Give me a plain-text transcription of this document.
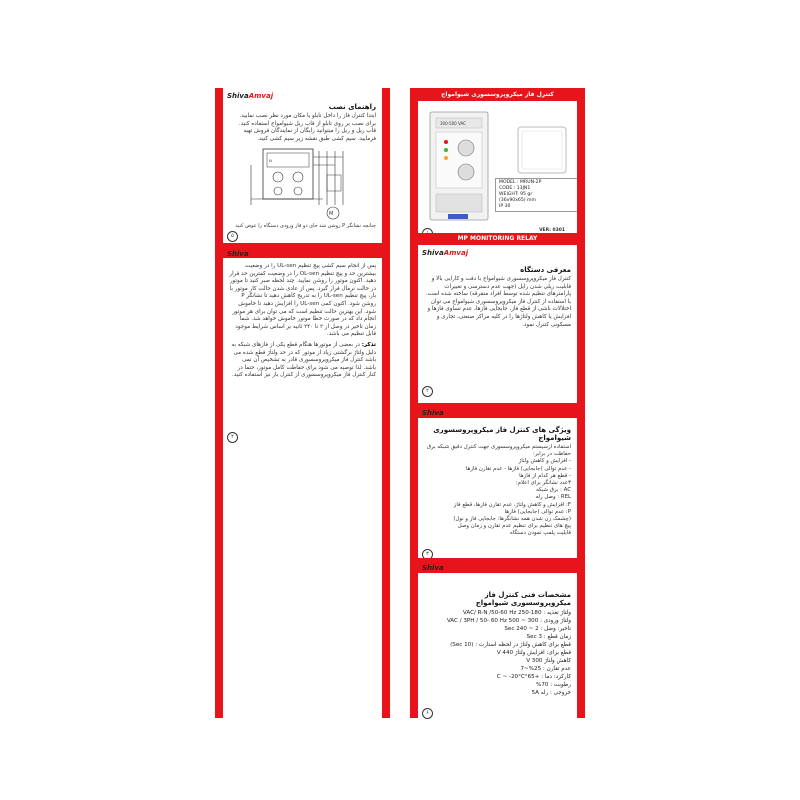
ShivaAmvaj
راهنمای نصب

ابتدا کنترل فاز را داخل تابلو یا مکان مورد نظر نصب نمایید. برای نصب بر روی تابلو از قاب ریل شیوامواج استفاده کنید. قاب ریل و ریل را میتوانید رایگان از نمایندگان فروش تهیه فرمایید. سیم کشی طبق نقشه زیر سیم کشی کنید.

M
N
چنانچه نشانگر P روشن شد جای دو فاز ورودی دستگاه را عوض کنید
۵
ShivaAmvaj

پس از انجام سیم کشی پیچ تنظیم UL-sen را در وضعیت بیشترین حد و پیچ تنظیم OL-sen را در وضعیت کمترین حد قرار دهید. اکنون موتور را روشن نمایید. چند لحظه صبر کنید تا موتور در حالت نرمال قرار گیرد. پس از عادی شدن حالت کار موتور با بار، پیچ تنظیم UL-sen را به تدریج کاهش دهید تا نشانگر P روشن شود. اکنون کمی UL-sen را افزایش دهید تا خاموش شود. این بهترین حالت تنظیم است که می توان برای هر موتور انجام داد که در صورت خطا موتور خاموش خواهد شد. شما زمان تاخیر در وصل از ۲ تا ۲۴۰ ثانیه بر اساس شرایط موجود قابل تنظیم می باشد.

تذکر: در بعضی از موتورها هنگام قطع یکی از فازهای شبکه به دلیل ولتاژ برگشتی زیاد از موتور که در حد ولتاژ قطع شده می باشد کنترل فاز میکروپروسسوری قادر به تشخیص آن نمی باشد. لذا توصیه می شود برای حفاظت کامل موتور، حتما در کنار کنترل فاز میکروپروسسوری از کنترل بار نیز استفاده کنید.

۴
کنترل فاز میکروپروسسوری شیوامواج
300-500 VAC
MODEL : MRUN-2P
CODE : 13JN1
WEIGHT: 95 gr
(36x90x65) mm
IP 30
MP MONITORING RELAY
VER: 0301
ShivaAmvaj
معرفی دستگاه

کنترل فاز میکروپروسسوری شیوامواج با دقت و کارایی بالا و قابلیت ریلی شدن رایل (جهت عدم دسترسی و تغییرات پارامترهای تنظیم شده توسط افراد متفرقه) ساخته شده است. با استفاده از کنترل فاز میکروپروسسوری شیوامواج می توان اختلالات ناشی از قطع فاز، جابجایی فازها، عدم تساوی فازها و افزایش یا کاهش ولتاژها را در کلیه مراکز صنعتی، تجاری و مسکونی کنترل نمود.

۲
ShivaAmvaj
ویژگی های کنترل فاز میکروپروسسوری شیوامواج
استفاده ازسیستم میکروپروسسوری جهت کنترل دقیق شبکه برق
حفاظت در برابر:
- افزایش و کاهش ولتاژ
- عدم توالی (جابجایی) فازها - عدم تقارن فازها
- قطع هر کدام از فازها
۳عدد نشانگر برای اعلام:
AC : برق شبکه
REL : وصل رله
F: افزایش و کاهش ولتاژ، عدم تقارن فازها، قطع فاز
P: عدم توالی (جابجایی) فازها
(چشمک زن شدن همه نشانگرها: جابجایی فاز و نول)
پیچ های تنظیم برای تنظیم عدم تقارن و زمان وصل
قابلیت پلمپ نمودن دستگاه
۳
ShivaAmvaj
مشخصات فنی کنترل فاز میکروپروسسوری شیوامواج
ولتاژ تغذیه : 180-250 VAC/ R-N /50-60 Hz
ولتاژ ورودی : 300 ~ 500 VAC / 3PH / 50- 60 Hz
تاخیر: وصل : Sec 240 ~ 2
زمان قطع : Sec 3
قطع برای کاهش ولتاژ در لحظه استارت : (Sec 10)
قطع برای: افزایش ولتاژ V 440
کاهش ولتاژ V 300
عدم تقارن : 25%~7
کارکرد: دما : +65°C ~ -20°C
رطوبت : 70%
خروجی : رله 5A
۶
